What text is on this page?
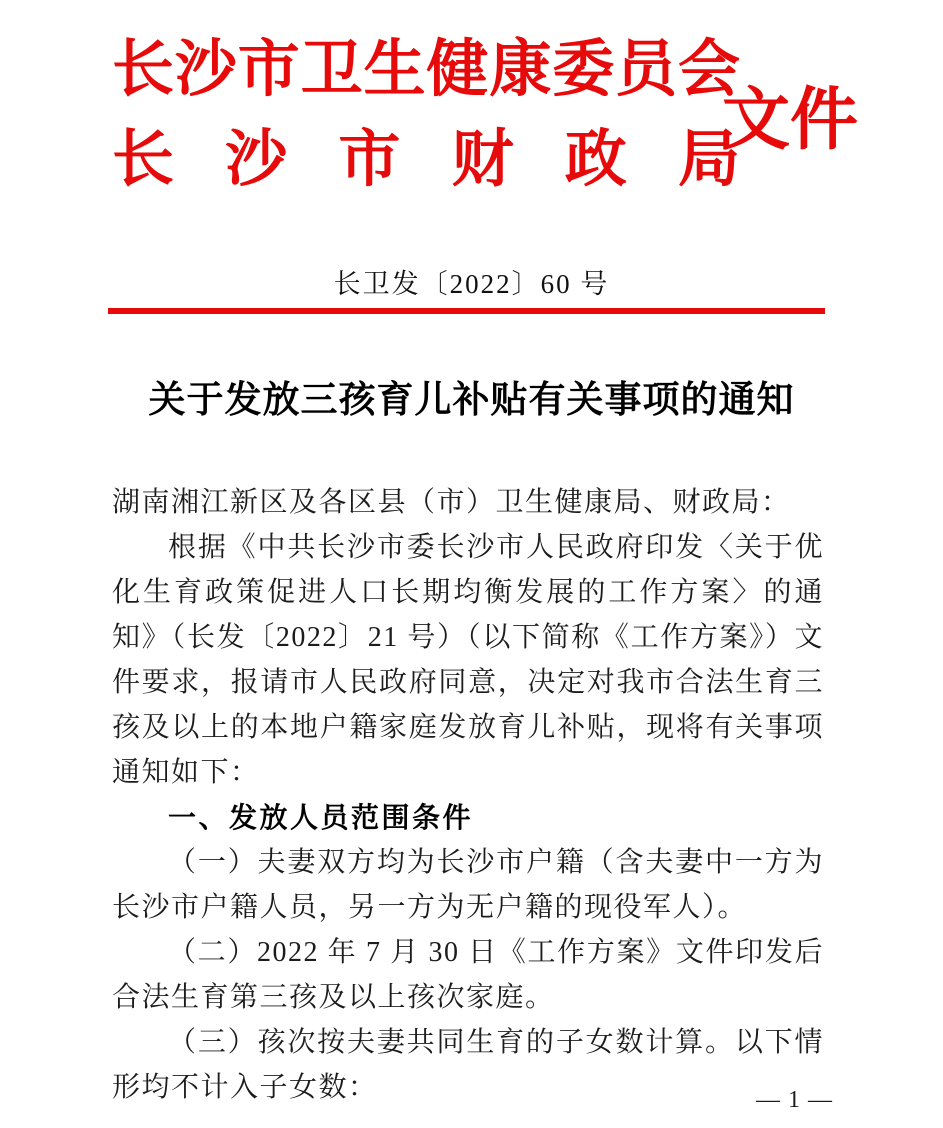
长沙市卫生健康委员会
长沙市财政局
文件
长卫发〔2022〕60 号
关于发放三孩育儿补贴有关事项的通知

湖南湘江新区及各区县（市）卫生健康局、财政局：

根据《中共长沙市委长沙市人民政府印发〈关于优化生育政策促进人口长期均衡发展的工作方案〉的通知》（长发〔2022〕21 号）（以下简称《工作方案》）文件要求，报请市人民政府同意，决定对我市合法生育三孩及以上的本地户籍家庭发放育儿补贴，现将有关事项通知如下：

一、发放人员范围条件

（一）夫妻双方均为长沙市户籍（含夫妻中一方为长沙市户籍人员，另一方为无户籍的现役军人）。

（二）2022 年 7 月 30 日《工作方案》文件印发后合法生育第三孩及以上孩次家庭。

（三）孩次按夫妻共同生育的子女数计算。以下情形均不计入子女数：	— 1 —
